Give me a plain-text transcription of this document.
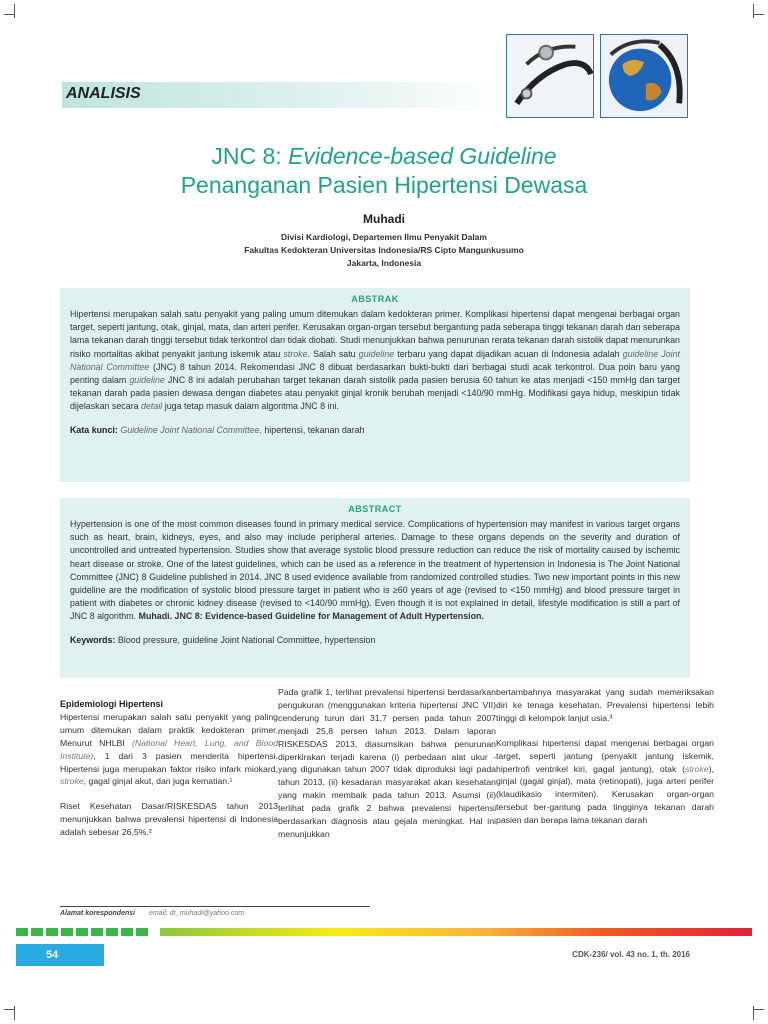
ANALISIS
JNC 8: Evidence-based Guideline
Penanganan Pasien Hipertensi Dewasa
Muhadi
Divisi Kardiologi, Departemen Ilmu Penyakit Dalam
Fakultas Kedokteran Universitas Indonesia/RS Cipto Mangunkusumo
Jakarta, Indonesia
ABSTRAK
Hipertensi merupakan salah satu penyakit yang paling umum ditemukan dalam kedokteran primer. Komplikasi hipertensi dapat mengenai berbagai organ target, seperti jantung, otak, ginjal, mata, dan arteri perifer. Kerusakan organ-organ tersebut bergantung pada seberapa tinggi tekanan darah dan seberapa lama tekanan darah tinggi tersebut tidak terkontrol dan tidak diobati. Studi menunjukkan bahwa penurunan rerata tekanan darah sistolik dapat menurunkan risiko mortalitas akibat penyakit jantung iskemik atau stroke. Salah satu guideline terbaru yang dapat dijadikan acuan di Indonesia adalah guideline Joint National Committee (JNC) 8 tahun 2014. Rekomendasi JNC 8 dibuat berdasarkan bukti-bukti dari berbagai studi acak terkontrol. Dua poin baru yang penting dalam guideline JNC 8 ini adalah perubahan target tekanan darah sistolik pada pasien berusia 60 tahun ke atas menjadi <150 mmHg dan target tekanan darah pada pasien dewasa dengan diabetes atau penyakit ginjal kronik berubah menjadi <140/90 mmHg. Modifikasi gaya hidup, meskipun tidak dijelaskan secara detail juga tetap masuk dalam algoritma JNC 8 ini.
Kata kunci: Guideline Joint National Committee, hipertensi, tekanan darah
ABSTRACT
Hypertension is one of the most common diseases found in primary medical service. Complications of hypertension may manifest in various target organs such as heart, brain, kidneys, eyes, and also may include peripheral arteries. Damage to these organs depends on the severity and duration of uncontrolled and untreated hypertension. Studies show that average systolic blood pressure reduction can reduce the risk of mortality caused by ischemic heart disease or stroke. One of the latest guidelines, which can be used as a reference in the treatment of hypertension in Indonesia is The Joint National Committee (JNC) 8 Guideline published in 2014. JNC 8 used evidence available from randomized controlled studies. Two new important points in this new guideline are the modification of systolic blood pressure target in patient who is ≥60 years of age (revised to <150 mmHg) and blood pressure target in patient with diabetes or chronic kidney disease (revised to <140/90 mmHg). Even though it is not explained in detail, lifestyle modification is still a part of JNC 8 algorithm. Muhadi. JNC 8: Evidence-based Guideline for Management of Adult Hypertension.
Keywords: Blood pressure, guideline Joint National Committee, hypertension
Epidemiologi Hipertensi

Hipertensi merupakan salah satu penyakit yang paling umum ditemukan dalam praktik kedokteran primer. Menurut NHLBI (National Heart, Lung, and Blood Institute), 1 dari 3 pasien menderita hipertensi. Hipertensi juga merupakan faktor risiko infark miokard, stroke, gagal ginjal akut, dan juga kematian.¹

Riset Kesehatan Dasar/RISKESDAS tahun 2013 menunjukkan bahwa prevalensi hipertensi di Indonesia adalah sebesar 26,5%.²

Pada grafik 1, terlihat prevalensi hipertensi berdasarkan pengukuran (menggunakan kriteria hipertensi JNC VII) cenderung turun dari 31,7 persen pada tahun 2007 menjadi 25,8 persen tahun 2013. Dalam laporan RISKESDAS 2013, diasumsikan bahwa penurunan diperkirakan terjadi karena (i) perbedaan alat ukur - yang digunakan tahun 2007 tidak diproduksi lagi pada tahun 2013, (ii) kesadaran masyarakat akan kesehatan yang makin membaik pada tahun 2013. Asumsi (ii) terlihat pada grafik 2 bahwa prevalensi hipertensi berdasarkan diagnosis atau gejala meningkat. Hal ini menunjukkan

bertambahnya masyarakat yang sudah memeriksakan diri ke tenaga kesehatan. Prevalensi hipertensi lebih tinggi di kelompok lanjut usia.³

Komplikasi hipertensi dapat mengenai berbagai organ target, seperti jantung (penyakit jantung iskemik, hipertrofi ventrikel kiri, gagal jantung), otak (stroke), ginjal (gagal ginjal), mata (retinopati), juga arteri perifer (klaudikasio intermiten). Kerusakan organ-organ tersebut ber-gantung pada tingginya tekanan darah pasien dan berapa lama tekanan darah

Alamat korespondensi email: dr_muhadi@yahoo.com
54	CDK-236/ vol. 43 no. 1, th. 2016
